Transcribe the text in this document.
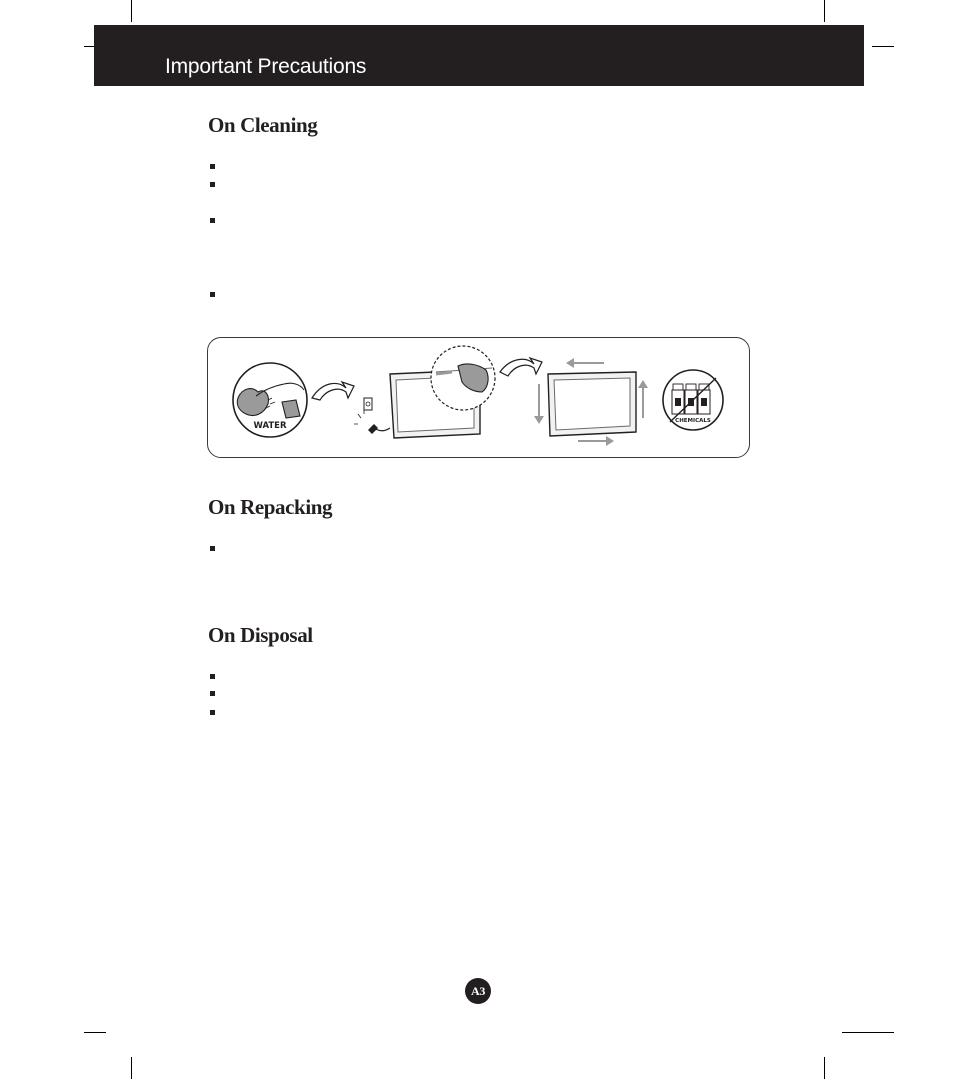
Important Precautions
On Cleaning
WATER	CHEMICALS
On Repacking
On Disposal
A3
